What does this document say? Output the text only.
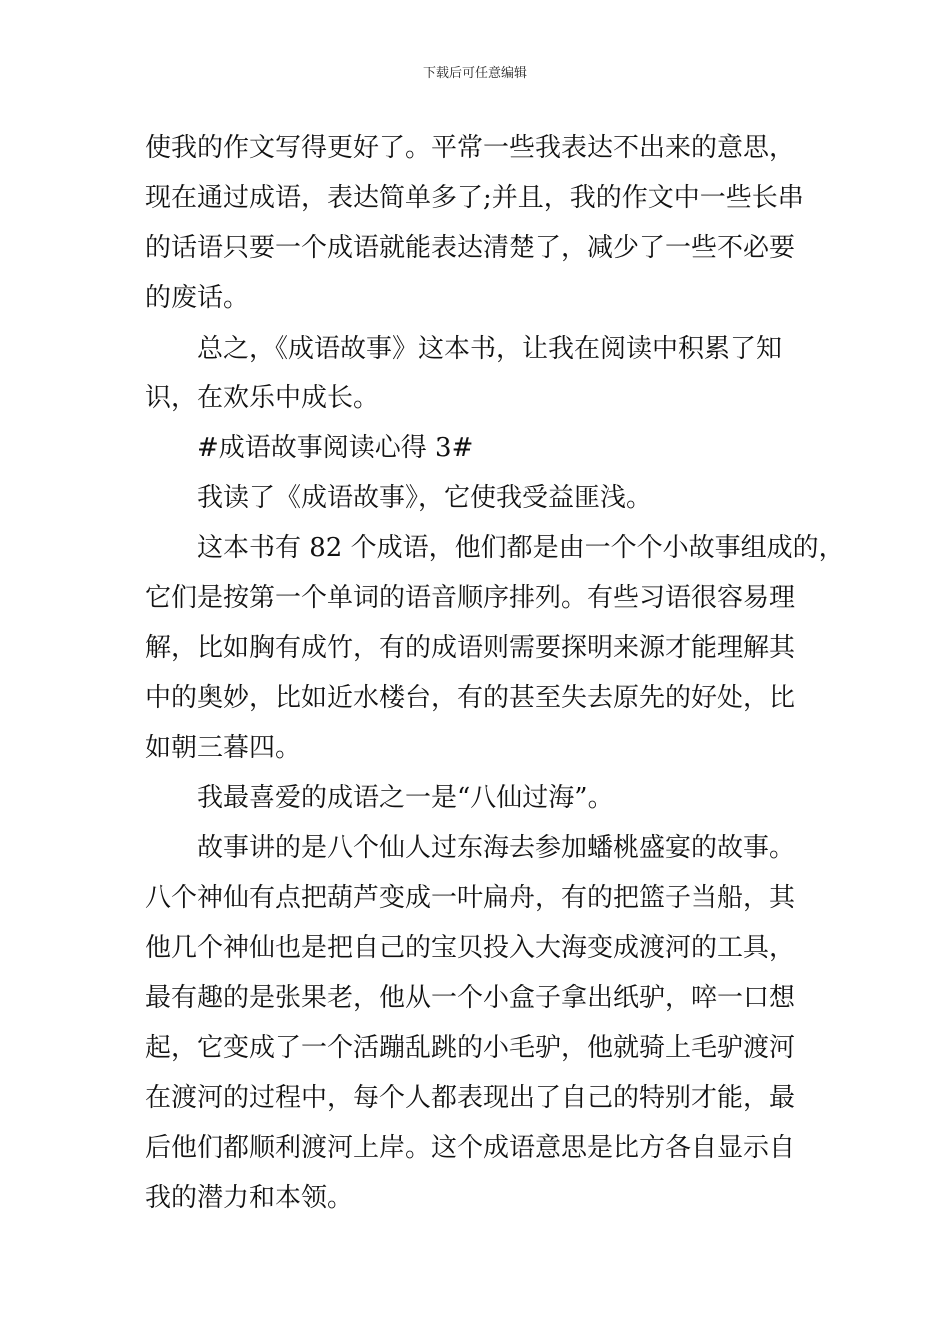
下载后可任意编辑
使我的作文写得更好了。平常一些我表达不出来的意思，
现在通过成语，表达简单多了;并且，我的作文中一些长串
的话语只要一个成语就能表达清楚了，减少了一些不必要
的废话。
总之，《成语故事》这本书，让我在阅读中积累了知
识，在欢乐中成长。
#成语故事阅读心得 3#
我读了《成语故事》，它使我受益匪浅。
这本书有 82 个成语，他们都是由一个个小故事组成的，
它们是按第一个单词的语音顺序排列。有些习语很容易理
解，比如胸有成竹，有的成语则需要探明来源才能理解其
中的奥妙，比如近水楼台，有的甚至失去原先的好处，比
如朝三暮四。
我最喜爱的成语之一是“八仙过海”。
故事讲的是八个仙人过东海去参加蟠桃盛宴的故事。
八个神仙有点把葫芦变成一叶扁舟，有的把篮子当船，其
他几个神仙也是把自己的宝贝投入大海变成渡河的工具，
最有趣的是张果老，他从一个小盒子拿出纸驴，啐一口想
起，它变成了一个活蹦乱跳的小毛驴，他就骑上毛驴渡河
在渡河的过程中，每个人都表现出了自己的特别才能，最
后他们都顺利渡河上岸。这个成语意思是比方各自显示自
我的潜力和本领。
